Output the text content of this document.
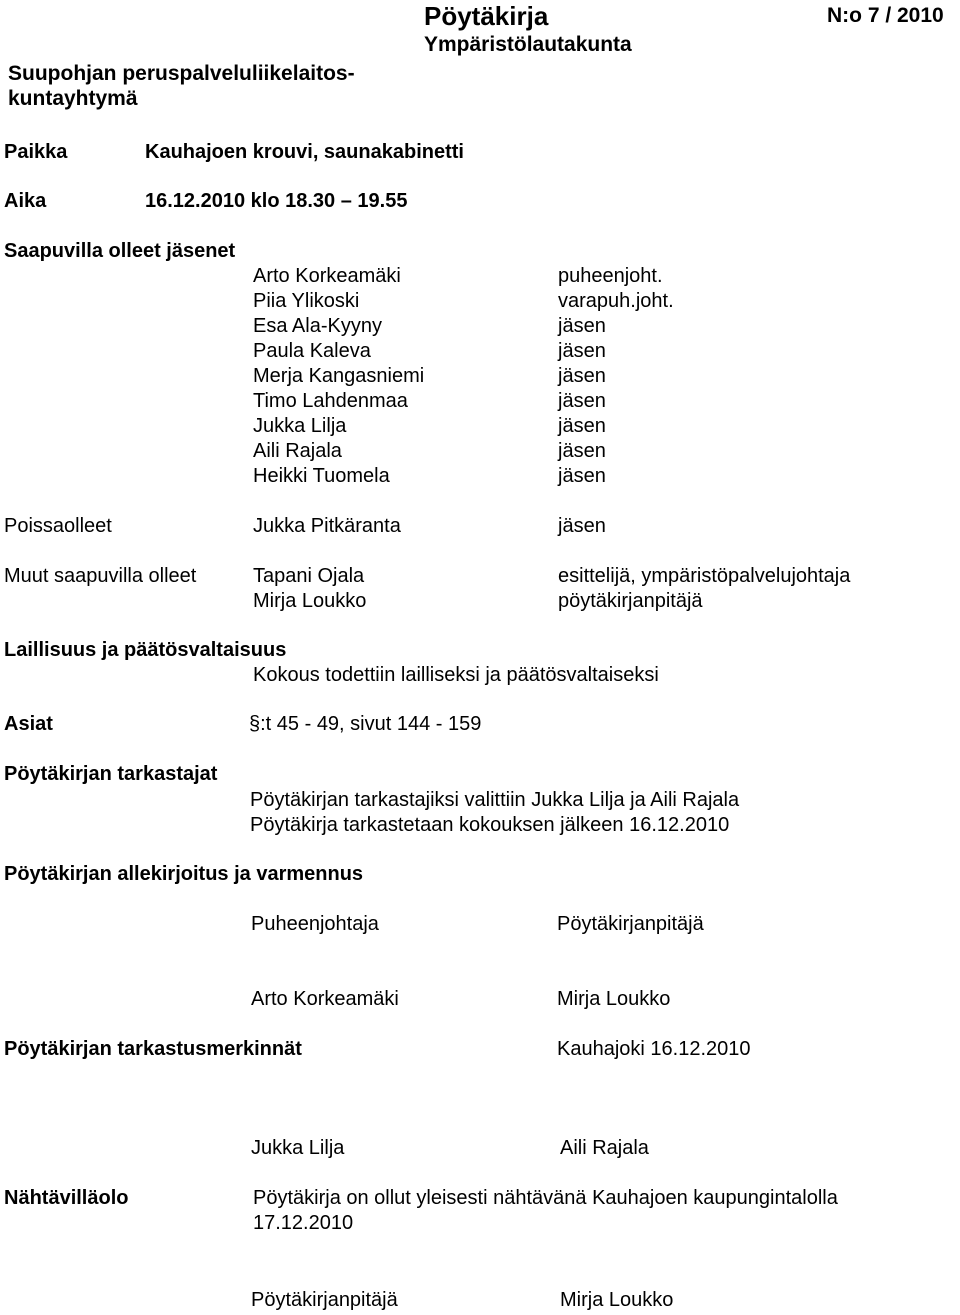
Pöytäkirja	N:o 7 / 2010
Ympäristölautakunta
Suupohjan peruspalveluliikelaitos-
kuntayhtymä
Paikka	Kauhajoen krouvi, saunakabinetti
Aika	16.12.2010 klo 18.30 – 19.55
Saapuvilla olleet jäsenet
Arto Korkeamäki	puheenjoht.
Piia Ylikoski	varapuh.joht.
Esa Ala-Kyyny	jäsen
Paula Kaleva	jäsen
Merja Kangasniemi	jäsen
Timo Lahdenmaa	jäsen
Jukka Lilja	jäsen
Aili Rajala	jäsen
Heikki Tuomela	jäsen
Poissaolleet	Jukka Pitkäranta	jäsen
Muut saapuvilla olleet	Tapani Ojala	esittelijä, ympäristöpalvelujohtaja
Mirja Loukko	pöytäkirjanpitäjä
Laillisuus ja päätösvaltaisuus
Kokous todettiin lailliseksi ja päätösvaltaiseksi
Asiat	§:t 45 - 49, sivut 144 - 159
Pöytäkirjan tarkastajat
Pöytäkirjan tarkastajiksi valittiin Jukka Lilja ja Aili Rajala
Pöytäkirja tarkastetaan kokouksen jälkeen 16.12.2010
Pöytäkirjan allekirjoitus ja varmennus
Puheenjohtaja	Pöytäkirjanpitäjä
Arto Korkeamäki	Mirja Loukko
Pöytäkirjan tarkastusmerkinnät	Kauhajoki 16.12.2010
Jukka Lilja	Aili Rajala
Nähtävilläolo	Pöytäkirja on ollut yleisesti nähtävänä Kauhajoen kaupungintalolla
17.12.2010
Pöytäkirjanpitäjä	Mirja Loukko
